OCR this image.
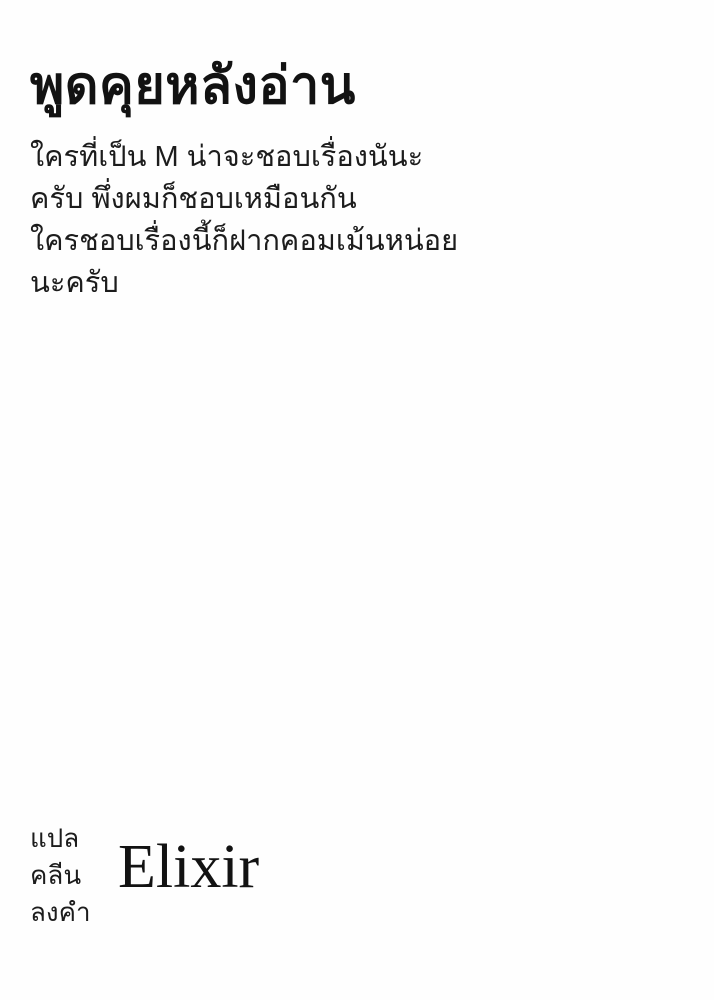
พูดคุยหลังอ่าน
ใครที่เป็น M น่าจะชอบเรื่องนันะ
ครับ พึ่งผมก็ชอบเหมือนกัน
ใครชอบเรื่องนี้ก็ฝากคอมเม้นหน่อย
นะครับ
แปล
คลีน
ลงคำ
Elixir
